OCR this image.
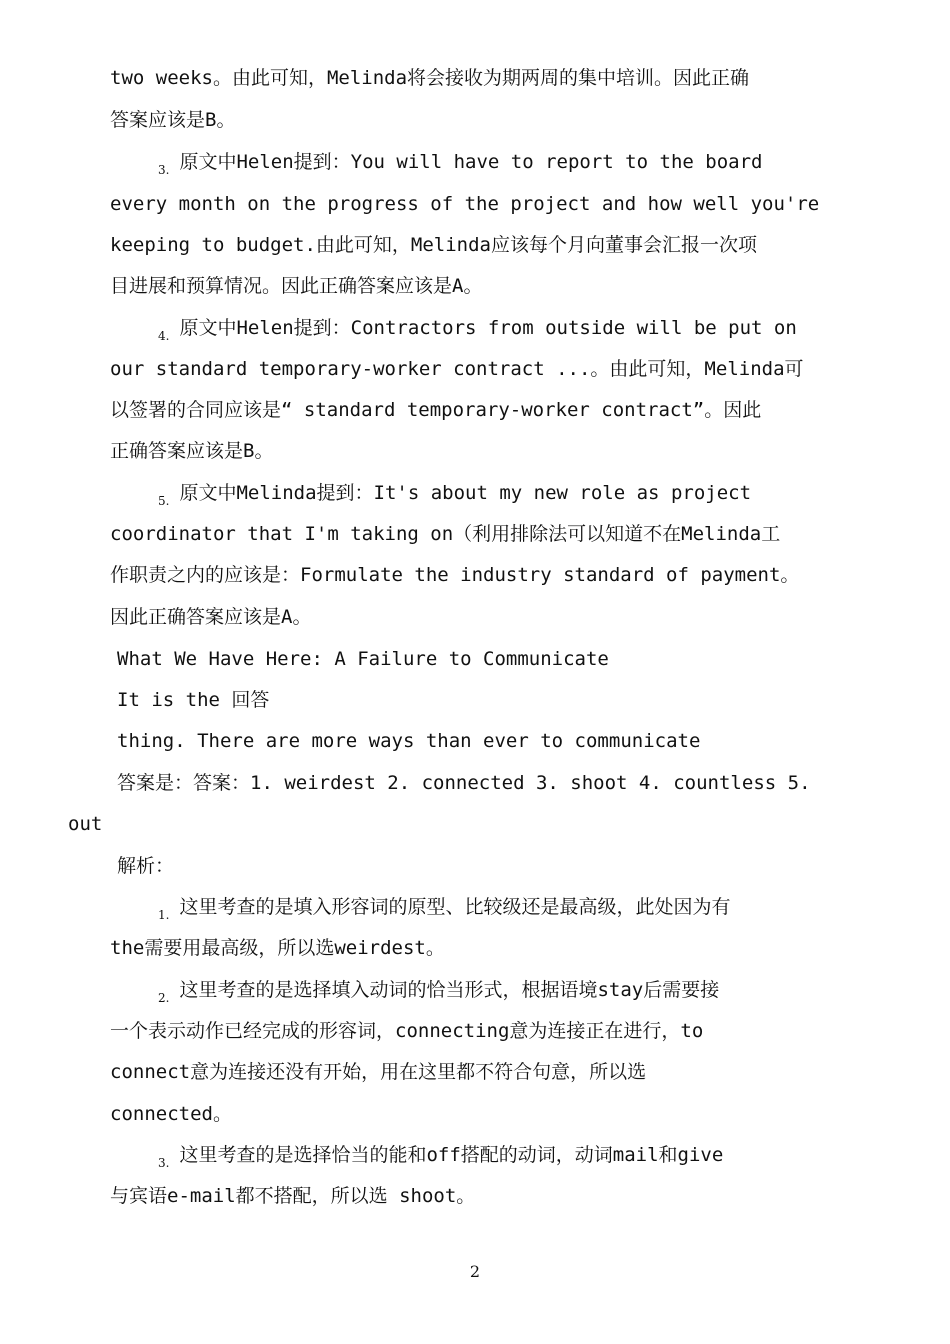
two weeks。由此可知，Melinda将会接收为期两周的集中培训。因此正确
答案应该是B。
$_{3.}$ 原文中Helen提到：You will have to report to the board
every month on the progress of the project and how well you're
keeping to budget.由此可知，Melinda应该每个月向董事会汇报一次项
目进展和预算情况。因此正确答案应该是A。
$_{4.}$ 原文中Helen提到：Contractors from outside will be put on
our standard temporary-worker contract ...。由此可知，Melinda可
以签署的合同应该是“ standard temporary-worker contract”。因此
正确答案应该是B。
$_{5.}$ 原文中Melinda提到：It's about my new role as project
coordinator that I'm taking on（利用排除法可以知道不在Melinda工
作职责之内的应该是：Formulate the industry standard of payment。
因此正确答案应该是A。
What We Have Here: A Failure to Communicate
It is the 回答
thing. There are more ways than ever to communicate
答案是：答案：1. weirdest 2. connected 3. shoot 4. countless 5.
out
解析：
$_{1.}$ 这里考查的是填入形容词的原型、比较级还是最高级，此处因为有
the需要用最高级，所以选weirdest。
$_{2.}$ 这里考查的是选择填入动词的恰当形式，根据语境stay后需要接
一个表示动作已经完成的形容词，connecting意为连接正在进行，to
connect意为连接还没有开始，用在这里都不符合句意，所以选
connected。
$_{3.}$ 这里考查的是选择恰当的能和off搭配的动词，动词mail和give
与宾语e-mail都不搭配，所以选 shoot。
2
